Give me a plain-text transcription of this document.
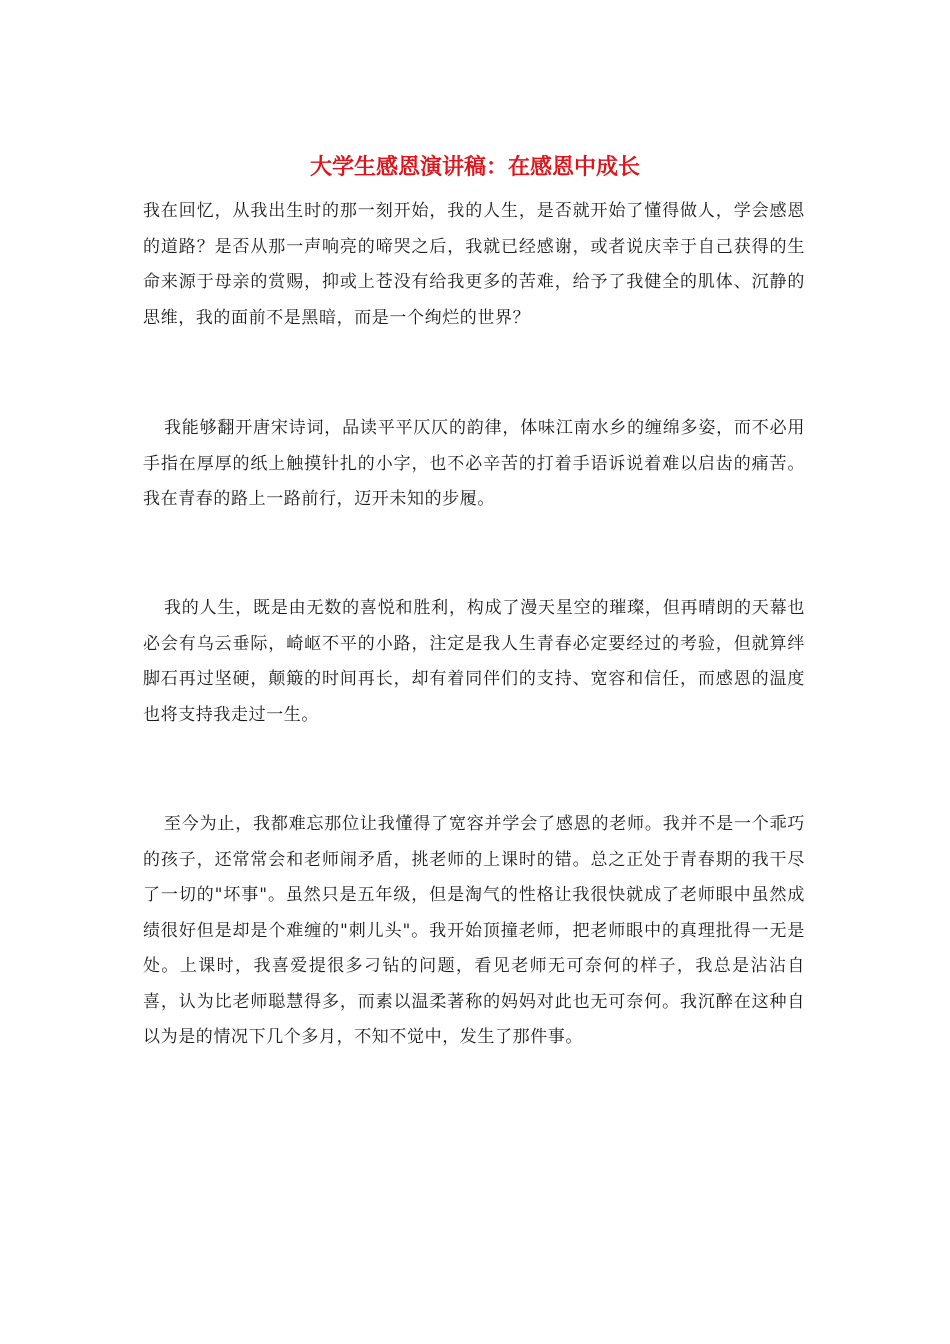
大学生感恩演讲稿：在感恩中成长

我在回忆，从我出生时的那一刻开始，我的人生，是否就开始了懂得做人，学会感恩的道路？是否从那一声响亮的啼哭之后，我就已经感谢，或者说庆幸于自己获得的生命来源于母亲的赏赐，抑或上苍没有给我更多的苦难，给予了我健全的肌体、沉静的思维，我的面前不是黑暗，而是一个绚烂的世界？

我能够翻开唐宋诗词，品读平平仄仄的韵律，体味江南水乡的缠绵多姿，而不必用手指在厚厚的纸上触摸针扎的小字，也不必辛苦的打着手语诉说着难以启齿的痛苦。我在青春的路上一路前行，迈开未知的步履。

我的人生，既是由无数的喜悦和胜利，构成了漫天星空的璀璨，但再晴朗的天幕也必会有乌云垂际，崎岖不平的小路，注定是我人生青春必定要经过的考验，但就算绊脚石再过坚硬，颠簸的时间再长，却有着同伴们的支持、宽容和信任，而感恩的温度也将支持我走过一生。

至今为止，我都难忘那位让我懂得了宽容并学会了感恩的老师。我并不是一个乖巧的孩子，还常常会和老师闹矛盾，挑老师的上课时的错。总之正处于青春期的我干尽了一切的"坏事"。虽然只是五年级，但是淘气的性格让我很快就成了老师眼中虽然成绩很好但是却是个难缠的"刺儿头"。我开始顶撞老师，把老师眼中的真理批得一无是处。上课时，我喜爱提很多刁钻的问题，看见老师无可奈何的样子，我总是沾沾自喜，认为比老师聪慧得多，而素以温柔著称的妈妈对此也无可奈何。我沉醉在这种自以为是的情况下几个多月，不知不觉中，发生了那件事。
